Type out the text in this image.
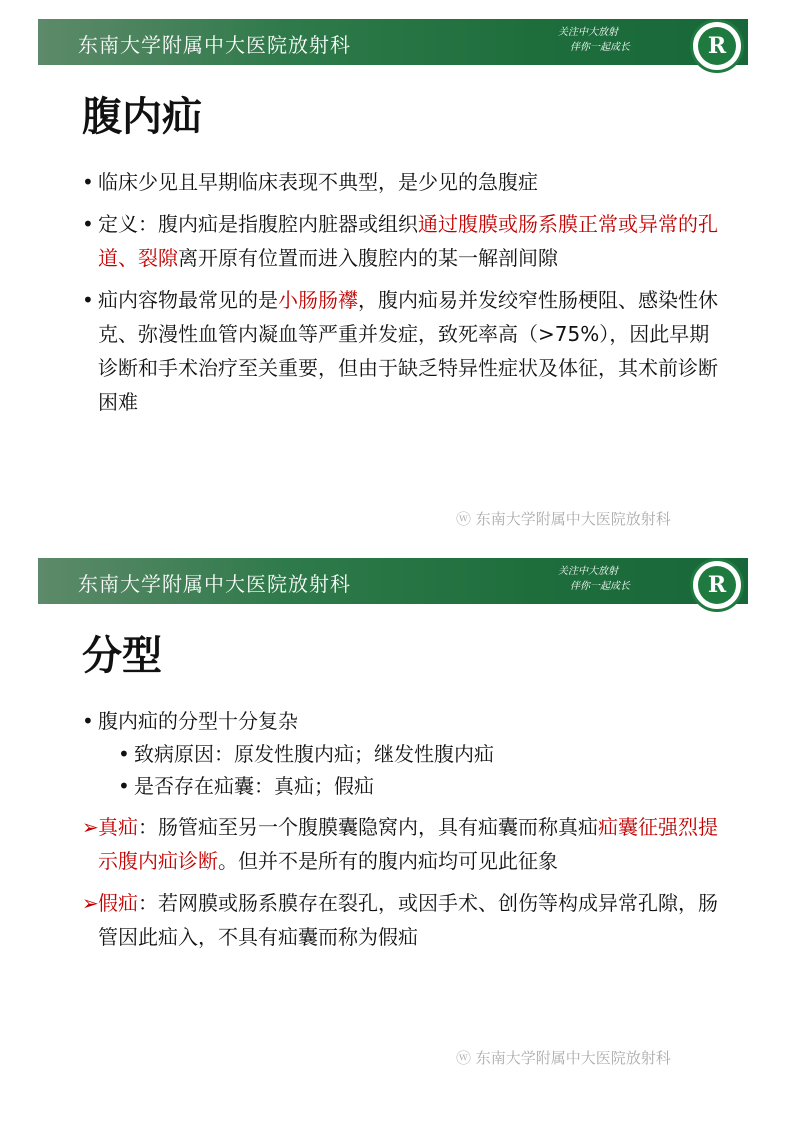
东南大学附属中大医院放射科
关注中大放射
伴你一起成长	R
腹内疝
• 临床少见且早期临床表现不典型，是少见的急腹症
• 定义：腹内疝是指腹腔内脏器或组织通过腹膜或肠系膜正常或异常的孔道、裂隙离开原有位置而进入腹腔内的某一解剖间隙
• 疝内容物最常见的是小肠肠襻，腹内疝易并发绞窄性肠梗阻、感染性休克、弥漫性血管内凝血等严重并发症，致死率高（>75%），因此早期诊断和手术治疗至关重要，但由于缺乏特异性症状及体征，其术前诊断困难
ⓦ 东南大学附属中大医院放射科
东南大学附属中大医院放射科
关注中大放射
伴你一起成长	R
分型
• 腹内疝的分型十分复杂
• 致病原因：原发性腹内疝；继发性腹内疝
• 是否存在疝囊：真疝；假疝
➢ 真疝：肠管疝至另一个腹膜囊隐窝内，具有疝囊而称真疝疝囊征强烈提示腹内疝诊断。但并不是所有的腹内疝均可见此征象
➢ 假疝：若网膜或肠系膜存在裂孔，或因手术、创伤等构成异常孔隙，肠管因此疝入，不具有疝囊而称为假疝
ⓦ 东南大学附属中大医院放射科
